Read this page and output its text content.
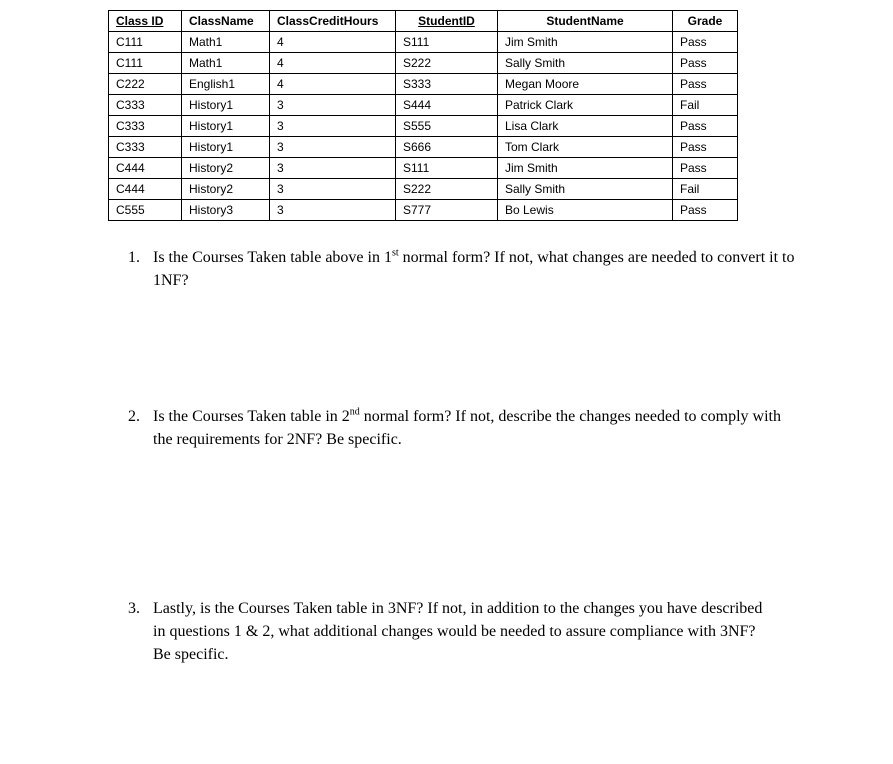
Class ID	ClassName	ClassCreditHours	StudentID	StudentName	Grade
C111	Math1	4	S111	Jim Smith	Pass
C111	Math1	4	S222	Sally Smith	Pass
C222	English1	4	S333	Megan Moore	Pass
C333	History1	3	S444	Patrick Clark	Fail
C333	History1	3	S555	Lisa Clark	Pass
C333	History1	3	S666	Tom Clark	Pass
C444	History2	3	S111	Jim Smith	Pass
C444	History2	3	S222	Sally Smith	Fail
C555	History3	3	S777	Bo Lewis	Pass
1. Is the Courses Taken table above in 1st normal form? If not, what changes are needed to convert it to 1NF?
2. Is the Courses Taken table in 2nd normal form? If not, describe the changes needed to comply with the requirements for 2NF? Be specific.
3. Lastly, is the Courses Taken table in 3NF? If not, in addition to the changes you have described in questions 1 & 2, what additional changes would be needed to assure compliance with 3NF? Be specific.
